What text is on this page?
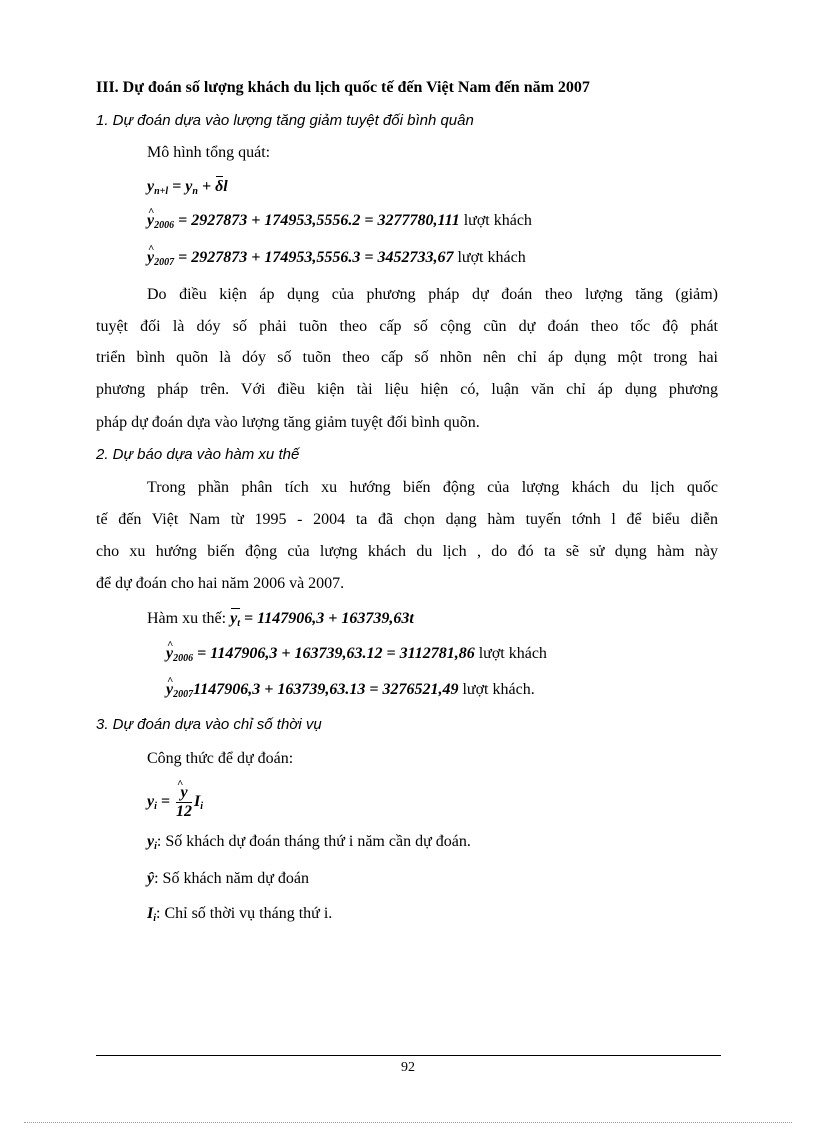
III. Dự đoán số lượng khách du lịch quốc tế đến Việt Nam đến năm 2007
1. Dự đoán dựa vào lượng tăng giảm tuyệt đối bình quân
Mô hình tổng quát:
$y_{n+l} = y_n + \delta l$
^ $y_{2006} = 2927873 + 174953,5556.2 = 3277780,111$ lượt khách
^ $y_{2007} = 2927873 + 174953,5556.3 = 3452733,67$ lượt khách
Do điều kiện áp dụng của phương pháp dự đoán theo lượng tăng (giảm)
tuyệt đối là dóy số phải tuõn theo cấp số cộng cũn dự đoán theo tốc độ phát
triển bình quõn là dóy số tuõn theo cấp số nhõn nên chỉ áp dụng một trong hai
phương pháp trên. Với điều kiện tài liệu hiện có, luận văn chỉ áp dụng phương
pháp dự đoán dựa vào lượng tăng giảm tuyệt đối bình quõn.
2. Dự báo dựa vào hàm xu thế
Trong phần phân tích xu hướng biến động của lượng khách du lịch quốc
tế đến Việt Nam từ 1995 - 2004 ta đã chọn dạng hàm tuyến tớnh l để biểu diễn
cho xu hướng biến động của lượng khách du lịch , do đó ta sẽ sử dụng hàm này
để dự đoán cho hai năm 2006 và 2007.
Hàm xu thế: $y_t = 1147906,3 + 163739,63t$
^ $y_{2006} = 1147906,3 + 163739,63.12 = 3112781,86$ lượt khách
^ $y_{2007}1147906,3 + 163739,63.13 = 3276521,49$ lượt khách.
3. Dự đoán dựa vào chỉ số thời vụ
Công thức để dự đoán:
$y_i$ =
^ $\frac{y}{12} I_i$
$y_i$: Số khách dự đoán tháng thứ i năm cần dự đoán.
ŷ: Số khách năm dự đoán
$I_i$: Chỉ số thời vụ tháng thứ i.
92
